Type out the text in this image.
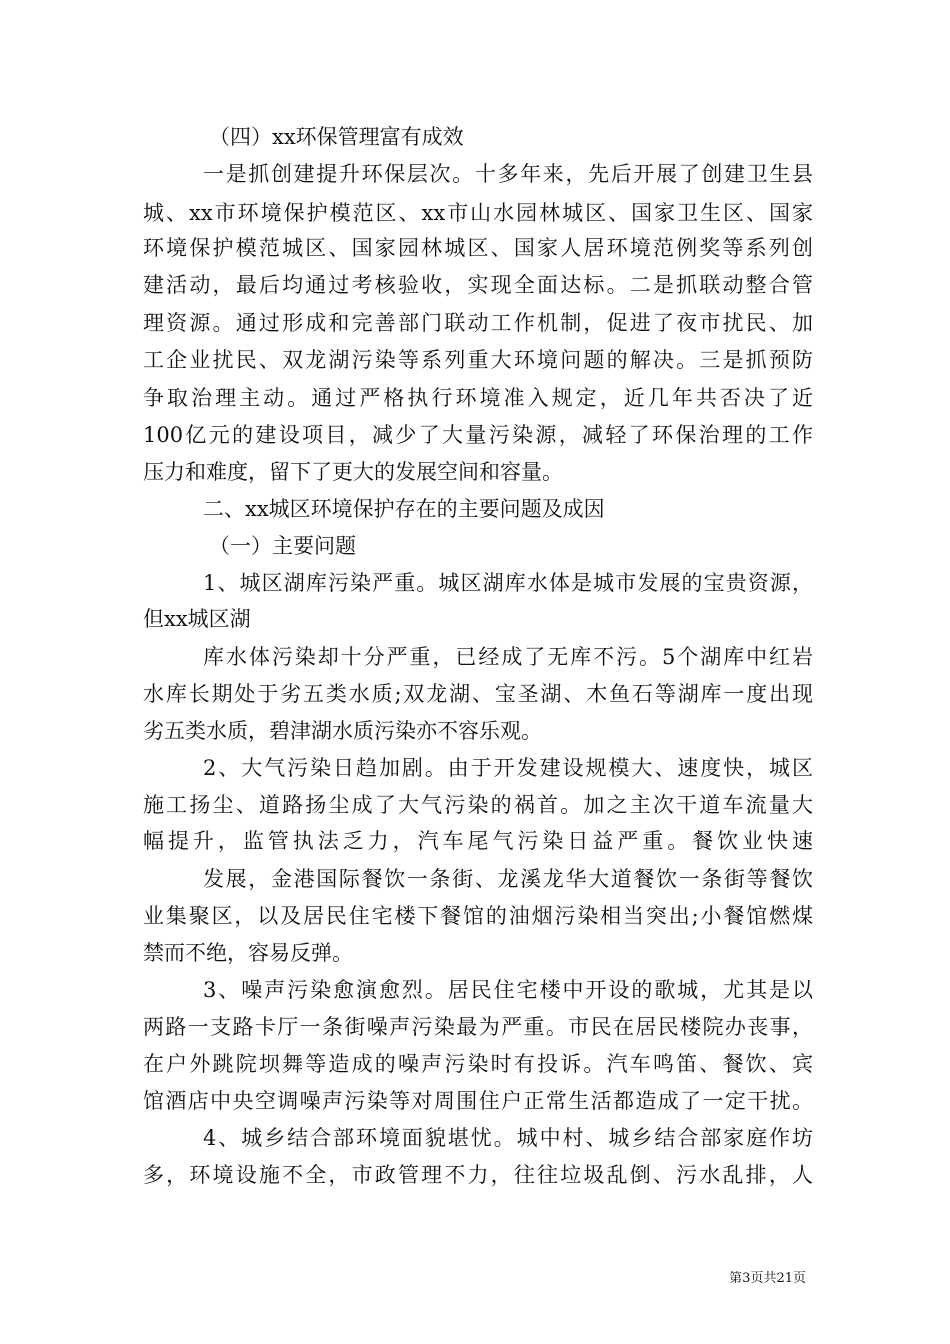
（四）xx环保管理富有成效
一是抓创建提升环保层次。十多年来，先后开展了创建卫生县
城、xx市环境保护模范区、xx市山水园林城区、国家卫生区、国家
环境保护模范城区、国家园林城区、国家人居环境范例奖等系列创
建活动，最后均通过考核验收，实现全面达标。二是抓联动整合管
理资源。通过形成和完善部门联动工作机制，促进了夜市扰民、加
工企业扰民、双龙湖污染等系列重大环境问题的解决。三是抓预防
争取治理主动。通过严格执行环境准入规定，近几年共否决了近
100亿元的建设项目，减少了大量污染源，减轻了环保治理的工作
压力和难度，留下了更大的发展空间和容量。
二、xx城区环境保护存在的主要问题及成因
（一）主要问题
1、城区湖库污染严重。城区湖库水体是城市发展的宝贵资源，
但xx城区湖
库水体污染却十分严重，已经成了无库不污。5个湖库中红岩
水库长期处于劣五类水质;双龙湖、宝圣湖、木鱼石等湖库一度出现
劣五类水质，碧津湖水质污染亦不容乐观。
2、大气污染日趋加剧。由于开发建设规模大、速度快，城区
施工扬尘、道路扬尘成了大气污染的祸首。加之主次干道车流量大
幅提升，监管执法乏力，汽车尾气污染日益严重。餐饮业快速
发展，金港国际餐饮一条街、龙溪龙华大道餐饮一条街等餐饮
业集聚区，以及居民住宅楼下餐馆的油烟污染相当突出;小餐馆燃煤
禁而不绝，容易反弹。
3、噪声污染愈演愈烈。居民住宅楼中开设的歌城，尤其是以
两路一支路卡厅一条街噪声污染最为严重。市民在居民楼院办丧事，
在户外跳院坝舞等造成的噪声污染时有投诉。汽车鸣笛、餐饮、宾
馆酒店中央空调噪声污染等对周围住户正常生活都造成了一定干扰。
4、城乡结合部环境面貌堪忧。城中村、城乡结合部家庭作坊
多，环境设施不全，市政管理不力，往往垃圾乱倒、污水乱排，人
第3页共21页
